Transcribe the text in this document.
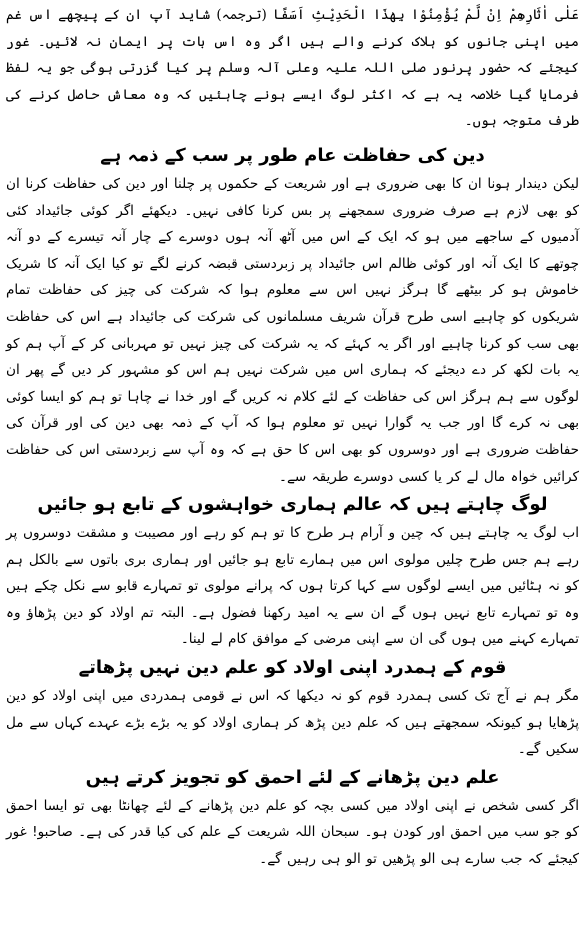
عَلٰی اٰثَارِھِمْ اِنْ لَّمْ یُؤْمِنُوْا بِھٰذَا الْحَدِیْثِ اَسَفًا (ترجمہ) شاید آپ ان کے پیچھے اس غم میں اپنی جانوں کو ہلاک کرنے والے ہیں اگر وہ اس بات پر ایمان نہ لائیں۔ غور کیجئے کہ حضور پرنور صلی اللہ علیہ وعلی آلہ وسلم پر کیا گزرتی ہوگی جو یہ لفظ فرمایا گیا خلاصہ یہ ہے کہ اکثر لوگ ایسے ہونے چاہئیں کہ وہ معاش حاصل کرنے کی طرف متوجہ ہوں۔

دین کی حفاظت عام طور پر سب کے ذمہ ہے

لیکن دیندار ہونا ان کا بھی ضروری ہے اور شریعت کے حکموں پر چلنا اور دین کی حفاظت کرنا ان کو بھی لازم ہے صرف ضروری سمجھنے پر بس کرنا کافی نہیں۔ دیکھئے اگر کوئی جائیداد کئی آدمیوں کے ساجھے میں ہو کہ ایک کے اس میں آٹھ آنہ ہوں دوسرے کے چار آنہ تیسرے کے دو آنہ چوتھے کا ایک آنہ اور کوئی ظالم اس جائیداد پر زبردستی قبضہ کرنے لگے تو کیا ایک آنہ کا شریک خاموش ہو کر بیٹھے گا ہرگز نہیں اس سے معلوم ہوا کہ شرکت کی چیز کی حفاظت تمام شریکوں کو چاہیے اسی طرح قرآن شریف مسلمانوں کی شرکت کی جائیداد ہے اس کی حفاظت بھی سب کو کرنا چاہیے اور اگر یہ کہئے کہ یہ شرکت کی چیز نہیں تو مہربانی کر کے آپ ہم کو یہ بات لکھ کر دے دیجئے کہ ہماری اس میں شرکت نہیں ہم اس کو مشہور کر دیں گے پھر ان لوگوں سے ہم ہرگز اس کی حفاظت کے لئے کلام نہ کریں گے اور خدا نے چاہا تو ہم کو ایسا کوئی بھی نہ کرے گا اور جب یہ گوارا نہیں تو معلوم ہوا کہ آپ کے ذمہ بھی دین کی اور قرآن کی حفاظت ضروری ہے اور دوسروں کو بھی اس کا حق ہے کہ وہ آپ سے زبردستی اس کی حفاظت کرائیں خواہ مال لے کر یا کسی دوسرے طریقہ سے۔

لوگ چاہتے ہیں کہ عالم ہماری خواہشوں کے تابع ہو جائیں

اب لوگ یہ چاہتے ہیں کہ چین و آرام ہر طرح کا تو ہم کو رہے اور مصیبت و مشقت دوسروں پر رہے ہم جس طرح چلیں مولوی اس میں ہمارے تابع ہو جائیں اور ہماری بری باتوں سے بالکل ہم کو نہ ہٹائیں میں ایسے لوگوں سے کہا کرتا ہوں کہ پرانے مولوی تو تمہارے قابو سے نکل چکے ہیں وہ تو تمہارے تابع نہیں ہوں گے ان سے یہ امید رکھنا فضول ہے۔ البتہ تم اولاد کو دین پڑھاؤ وہ تمہارے کہنے میں ہوں گی ان سے اپنی مرضی کے موافق کام لے لینا۔

قوم کے ہمدرد اپنی اولاد کو علم دین نہیں پڑھاتے

مگر ہم نے آج تک کسی ہمدرد قوم کو نہ دیکھا کہ اس نے قومی ہمدردی میں اپنی اولاد کو دین پڑھایا ہو کیونکہ سمجھتے ہیں کہ علم دین پڑھ کر ہماری اولاد کو یہ بڑے بڑے عہدے کہاں سے مل سکیں گے۔

علم دین پڑھانے کے لئے احمق کو تجویز کرتے ہیں

اگر کسی شخص نے اپنی اولاد میں کسی بچہ کو علم دین پڑھانے کے لئے چھانٹا بھی تو ایسا احمق کو جو سب میں احمق اور کودن ہو۔ سبحان اللہ شریعت کے علم کی کیا قدر کی ہے۔ صاحبو! غور کیجئے کہ جب سارے ہی الو پڑھیں تو الو ہی رہیں گے۔
